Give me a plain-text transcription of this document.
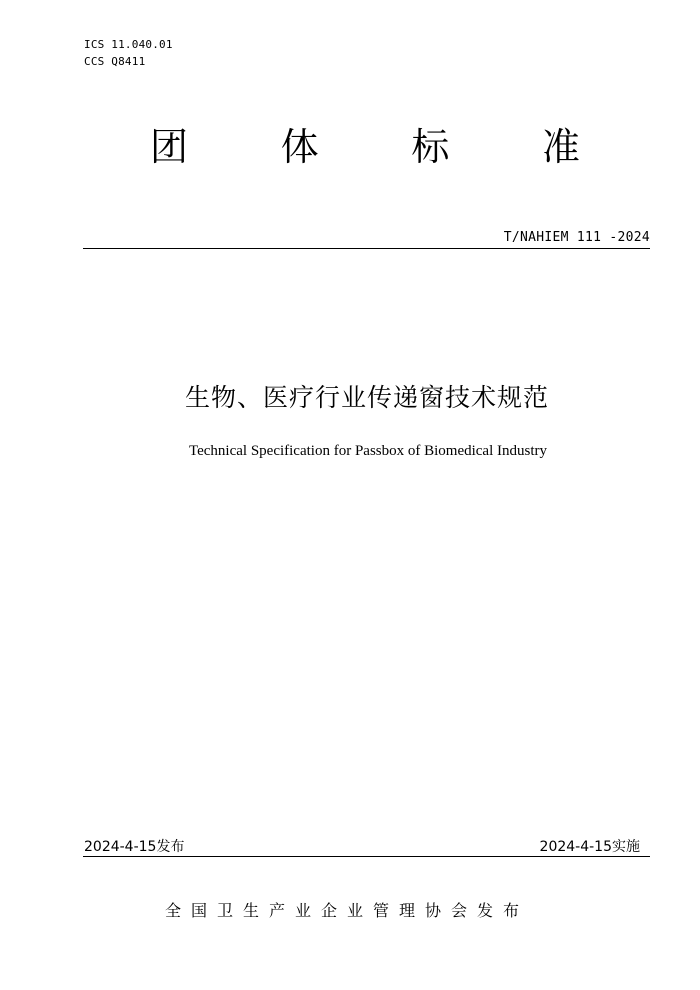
ICS 11.040.01
CCS Q8411
团 体 标 准
T/NAHIEM 111 -2024
生物、医疗行业传递窗技术规范
Technical Specification for Passbox of Biomedical Industry
2024-4-15发布	2024-4-15实施
全国卫生产业企业管理协会发布
